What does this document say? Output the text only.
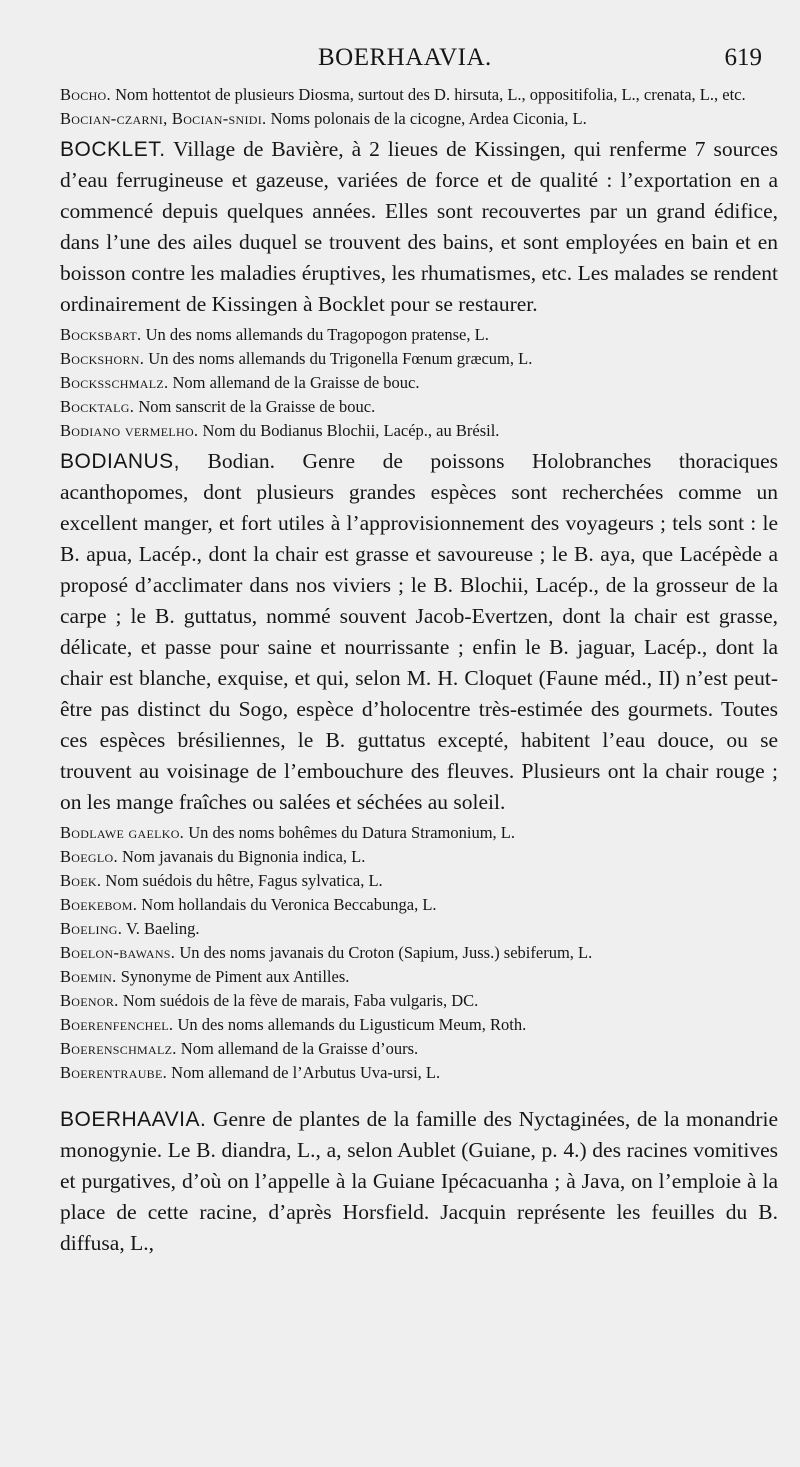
BOERHAAVIA.	619

Bocho. Nom hottentot de plusieurs Diosma, surtout des D. hirsuta, L., oppositifolia, L., crenata, L., etc.

Bocian-czarni, Bocian-snidi. Noms polonais de la cicogne, Ardea Ciconia, L.

BOCKLET. Village de Bavière, à 2 lieues de Kissingen, qui renferme 7 sources d’eau ferrugineuse et gazeuse, variées de force et de qualité : l’exportation en a commencé depuis quelques années. Elles sont recouvertes par un grand édifice, dans l’une des ailes duquel se trouvent des bains, et sont employées en bain et en boisson contre les maladies éruptives, les rhumatismes, etc. Les malades se rendent ordinairement de Kissingen à Bocklet pour se restaurer.

Bocksbart. Un des noms allemands du Tragopogon pratense, L.

Bockshorn. Un des noms allemands du Trigonella Fœnum græcum, L.

Bocksschmalz. Nom allemand de la Graisse de bouc.

Bocktalg. Nom sanscrit de la Graisse de bouc.

Bodiano vermelho. Nom du Bodianus Blochii, Lacép., au Brésil.

BODIANUS, Bodian. Genre de poissons Holobranches thoraciques acanthopomes, dont plusieurs grandes espèces sont recherchées comme un excellent manger, et fort utiles à l’approvisionnement des voyageurs ; tels sont : le B. apua, Lacép., dont la chair est grasse et savoureuse ; le B. aya, que Lacépède a proposé d’acclimater dans nos viviers ; le B. Blochii, Lacép., de la grosseur de la carpe ; le B. guttatus, nommé souvent Jacob-Evertzen, dont la chair est grasse, délicate, et passe pour saine et nourrissante ; enfin le B. jaguar, Lacép., dont la chair est blanche, exquise, et qui, selon M. H. Cloquet (Faune méd., II) n’est peut-être pas distinct du Sogo, espèce d’holocentre très-estimée des gourmets. Toutes ces espèces brésiliennes, le B. guttatus excepté, habitent l’eau douce, ou se trouvent au voisinage de l’embouchure des fleuves. Plusieurs ont la chair rouge ; on les mange fraîches ou salées et séchées au soleil.

Bodlawe gaelko. Un des noms bohêmes du Datura Stramonium, L.

Boeglo. Nom javanais du Bignonia indica, L.

Boek. Nom suédois du hêtre, Fagus sylvatica, L.

Boekebom. Nom hollandais du Veronica Beccabunga, L.

Boeling. V. Baeling.

Boelon-bawans. Un des noms javanais du Croton (Sapium, Juss.) sebiferum, L.

Boemin. Synonyme de Piment aux Antilles.

Boenor. Nom suédois de la fève de marais, Faba vulgaris, DC.

Boerenfenchel. Un des noms allemands du Ligusticum Meum, Roth.

Boerenschmalz. Nom allemand de la Graisse d’ours.

Boerentraube. Nom allemand de l’Arbutus Uva-ursi, L.

BOERHAAVIA. Genre de plantes de la famille des Nyctaginées, de la monandrie monogynie. Le B. diandra, L., a, selon Aublet (Guiane, p. 4.) des racines vomitives et purgatives, d’où on l’appelle à la Guiane Ipécacuanha ; à Java, on l’emploie à la place de cette racine, d’après Horsfield. Jacquin représente les feuilles du B. diffusa, L.,
